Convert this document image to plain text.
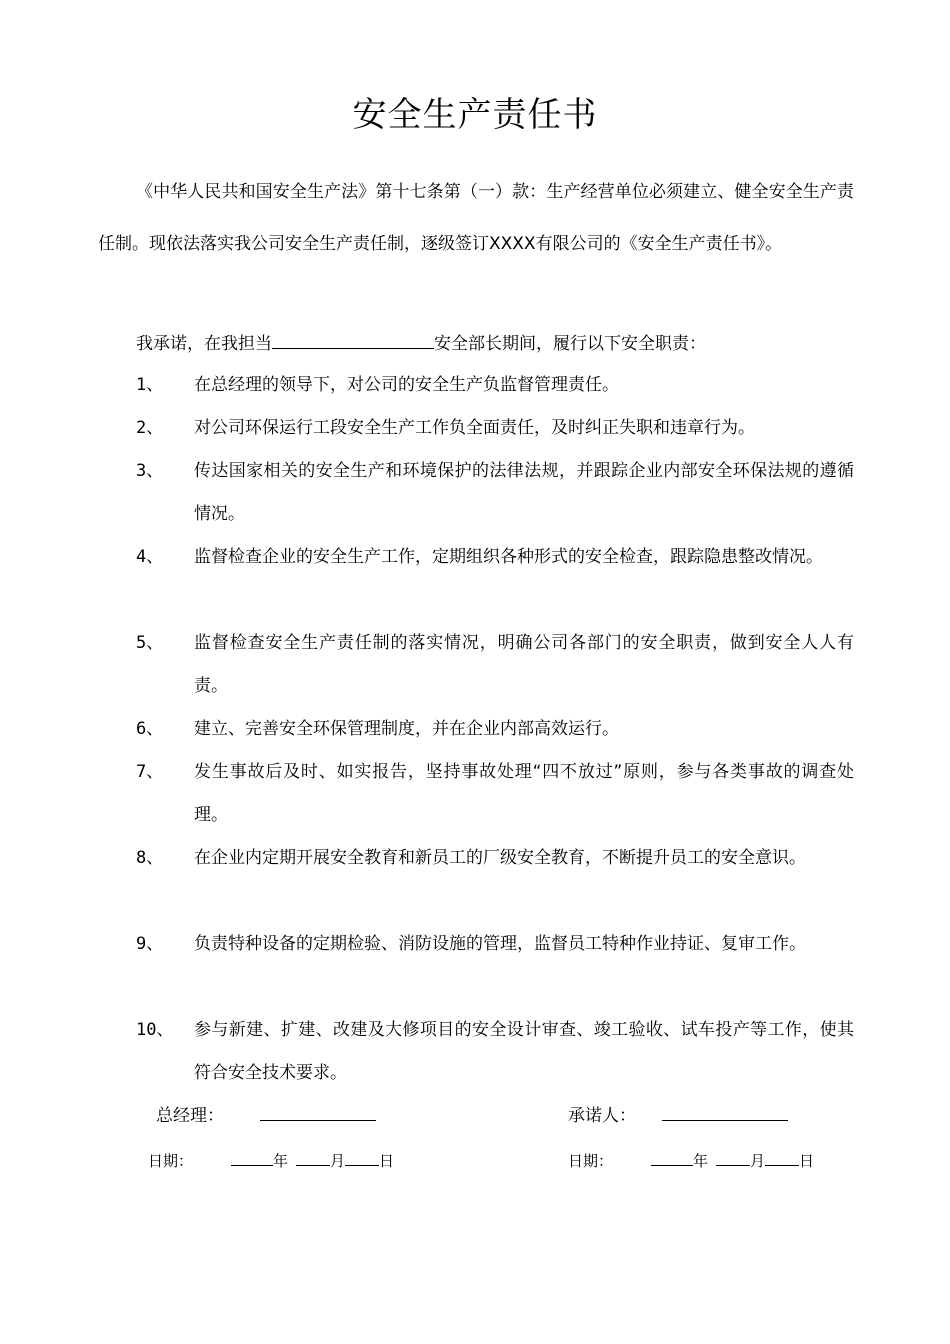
安全生产责任书
《中华人民共和国安全生产法》第十七条第（一）款：生产经营单位必须建立、健全安全生产责任制。现依法落实我公司安全生产责任制，逐级签订XXXX有限公司的《安全生产责任书》。
我承诺，在我担当	安全部长期间，履行以下安全职责：
1、 在总经理的领导下，对公司的安全生产负监督管理责任。
2、 对公司环保运行工段安全生产工作负全面责任，及时纠正失职和违章行为。
3、 传达国家相关的安全生产和环境保护的法律法规，并跟踪企业内部安全环保法规的遵循情况。
4、 监督检查企业的安全生产工作，定期组织各种形式的安全检查，跟踪隐患整改情况。
5、 监督检查安全生产责任制的落实情况，明确公司各部门的安全职责，做到安全人人有责。
6、 建立、完善安全环保管理制度，并在企业内部高效运行。
7、 发生事故后及时、如实报告，坚持事故处理“四不放过”原则，参与各类事故的调查处理。
8、 在企业内定期开展安全教育和新员工的厂级安全教育，不断提升员工的安全意识。
9、 负责特种设备的定期检验、消防设施的管理，监督员工特种作业持证、复审工作。
10、 参与新建、扩建、改建及大修项目的安全设计审查、竣工验收、试车投产等工作，使其符合安全技术要求。
总经理：	承诺人：
日期：	年	月 日	日期：	年	月 日
